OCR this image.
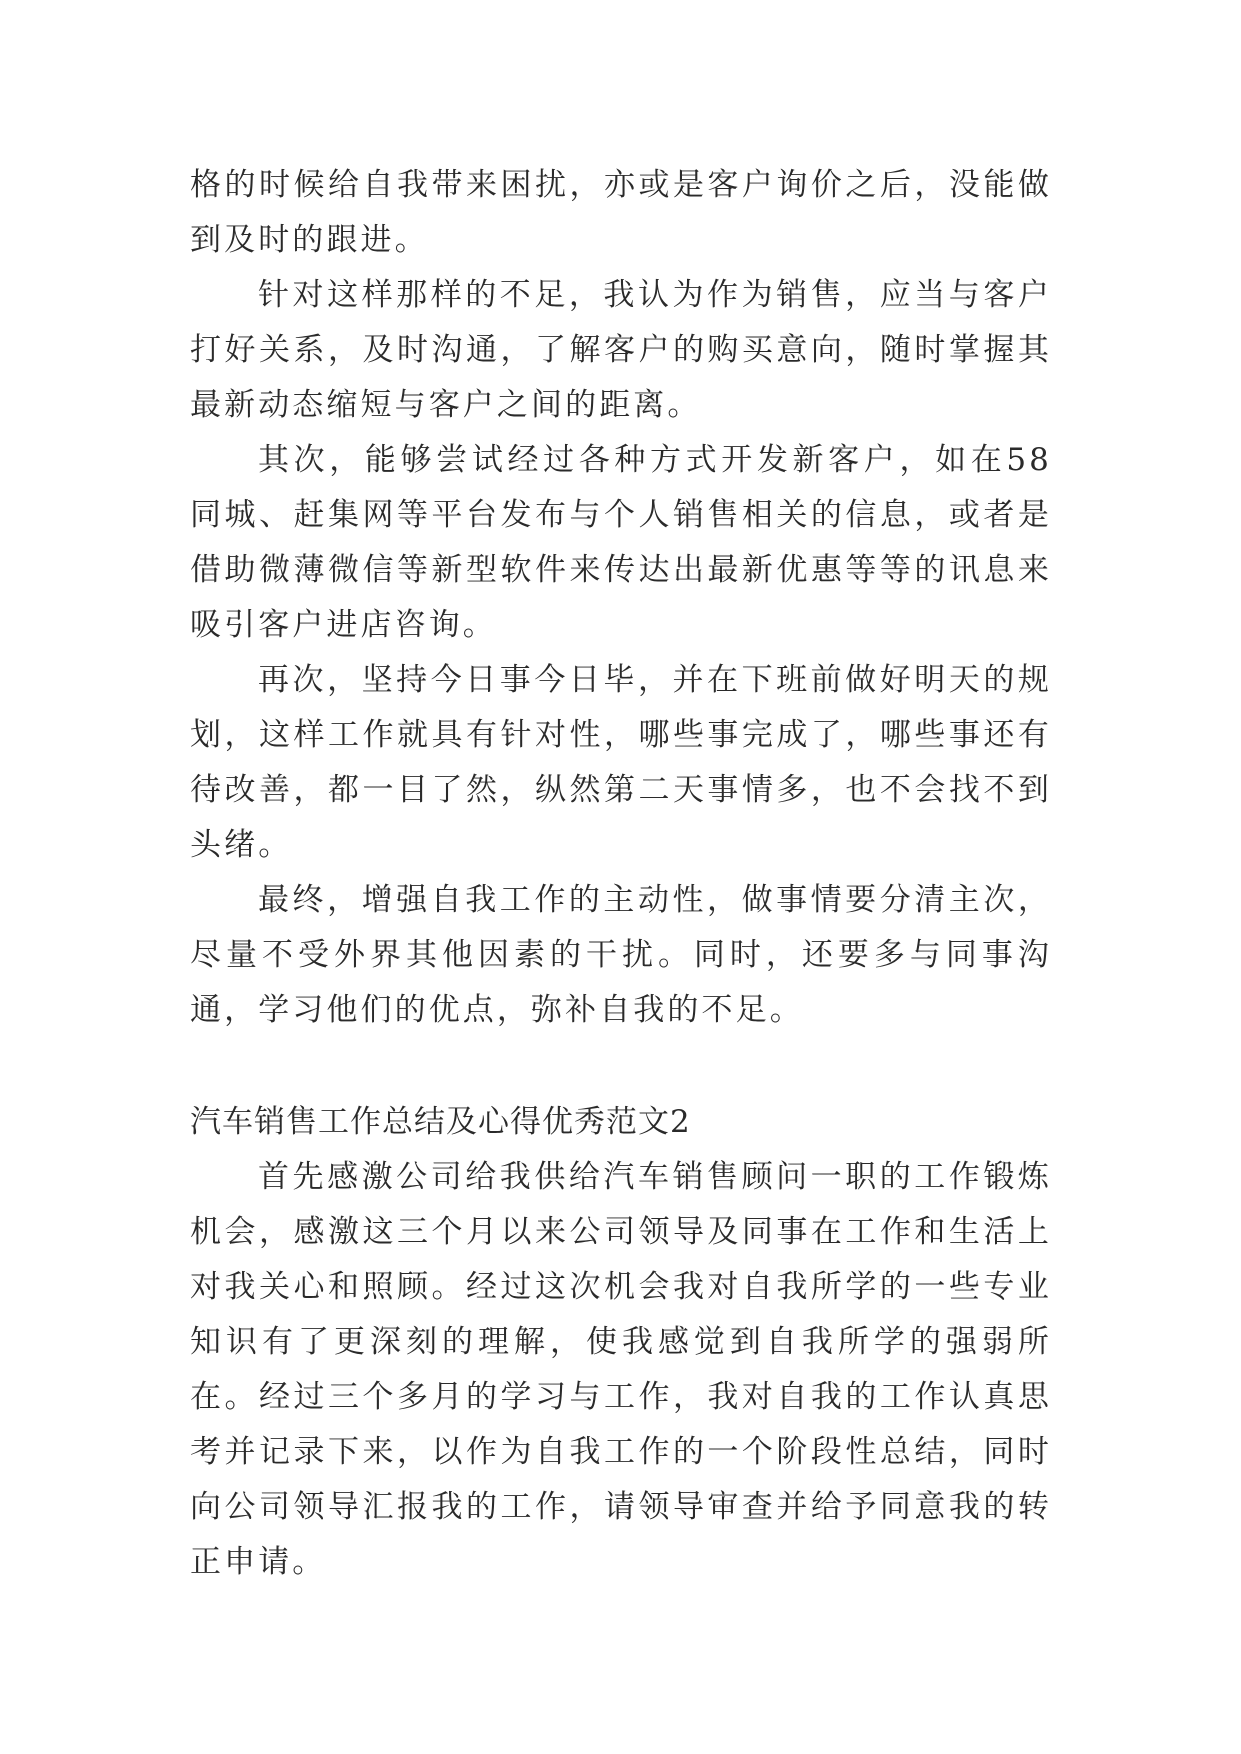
格的时候给自我带来困扰，亦或是客户询价之后，没能做到及时的跟进。

针对这样那样的不足，我认为作为销售，应当与客户打好关系，及时沟通，了解客户的购买意向，随时掌握其最新动态缩短与客户之间的距离。

其次，能够尝试经过各种方式开发新客户，如在58同城、赶集网等平台发布与个人销售相关的信息，或者是借助微薄微信等新型软件来传达出最新优惠等等的讯息来吸引客户进店咨询。

再次，坚持今日事今日毕，并在下班前做好明天的规划，这样工作就具有针对性，哪些事完成了，哪些事还有待改善，都一目了然，纵然第二天事情多，也不会找不到头绪。

最终，增强自我工作的主动性，做事情要分清主次，尽量不受外界其他因素的干扰。同时，还要多与同事沟通，学习他们的优点，弥补自我的不足。

汽车销售工作总结及心得优秀范文2

首先感激公司给我供给汽车销售顾问一职的工作锻炼机会，感激这三个月以来公司领导及同事在工作和生活上对我关心和照顾。经过这次机会我对自我所学的一些专业知识有了更深刻的理解，使我感觉到自我所学的强弱所在。经过三个多月的学习与工作，我对自我的工作认真思考并记录下来，以作为自我工作的一个阶段性总结，同时向公司领导汇报我的工作，请领导审查并给予同意我的转正申请。
